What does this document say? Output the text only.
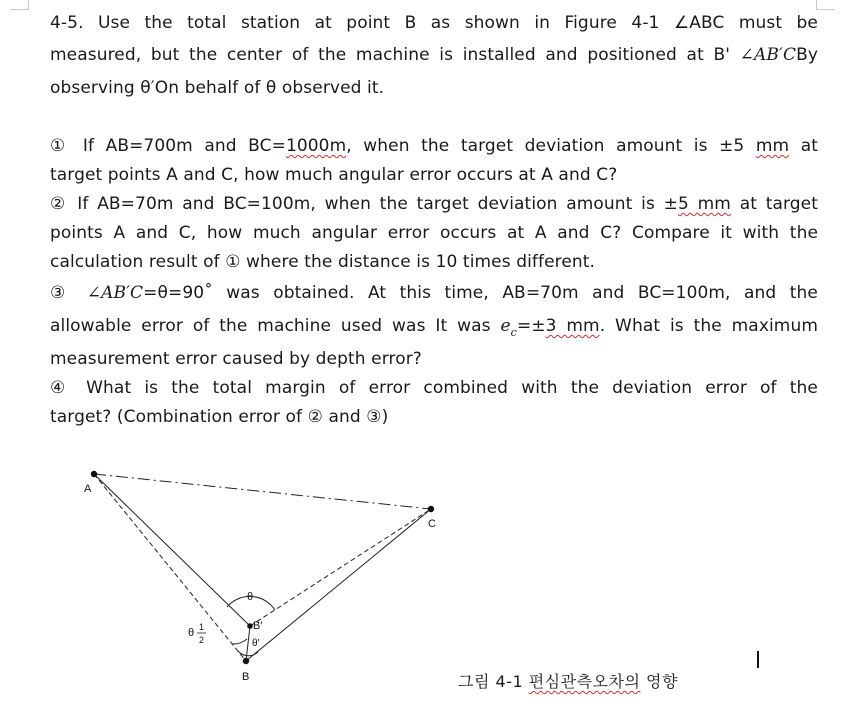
4-5. Use the total station at point B as shown in Figure 4-1 ∠ABC must be
measured, but the center of the machine is installed and positioned at B' ∠AB′CBy
observing θ′On behalf of θ observed it.
① If AB=700m and BC=1000m, when the target deviation amount is ±5 mm at
target points A and C, how much angular error occurs at A and C?
② If AB=70m and BC=100m, when the target deviation amount is ±5 mm at target
points A and C, how much angular error occurs at A and C? Compare it with the
calculation result of ① where the distance is 10 times different.
③ ∠AB′C=θ=90˚ was obtained. At this time, AB=70m and BC=100m, and the
allowable error of the machine used was It was $e_c=\pm 3$ mm. What is the maximum
measurement error caused by depth error?
④ What is the total margin of error combined with the deviation error of the
target? (Combination error of ② and ③)
A
C
B
B′
θ
θ′
θ 1
2
그림 4-1 편심관측오차의 영향
